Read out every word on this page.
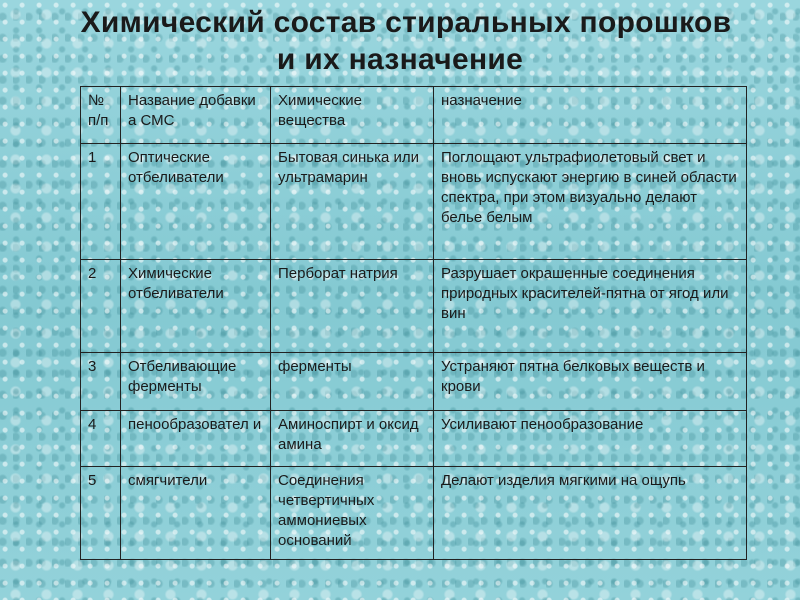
Химический состав стиральных порошков
и их назначение
№ п/п	Название добавки а СМС	Химические вещества	назначение
1	Оптические отбеливатели	Бытовая синька или ультрамарин	Поглощают ультрафиолетовый свет и вновь испускают энергию в синей области спектра, при этом визуально делают белье белым
2	Химические отбеливатели	Перборат натрия	Разрушает окрашенные соединения природных красителей-пятна от ягод или вин
3	Отбеливающие ферменты	ферменты	Устраняют пятна белковых веществ и крови
4	пенообразовател и	Аминоспирт и оксид амина	Усиливают пенообразование
5	смягчители	Соединения четвертичных аммониевых оснований	Делают изделия мягкими на ощупь
